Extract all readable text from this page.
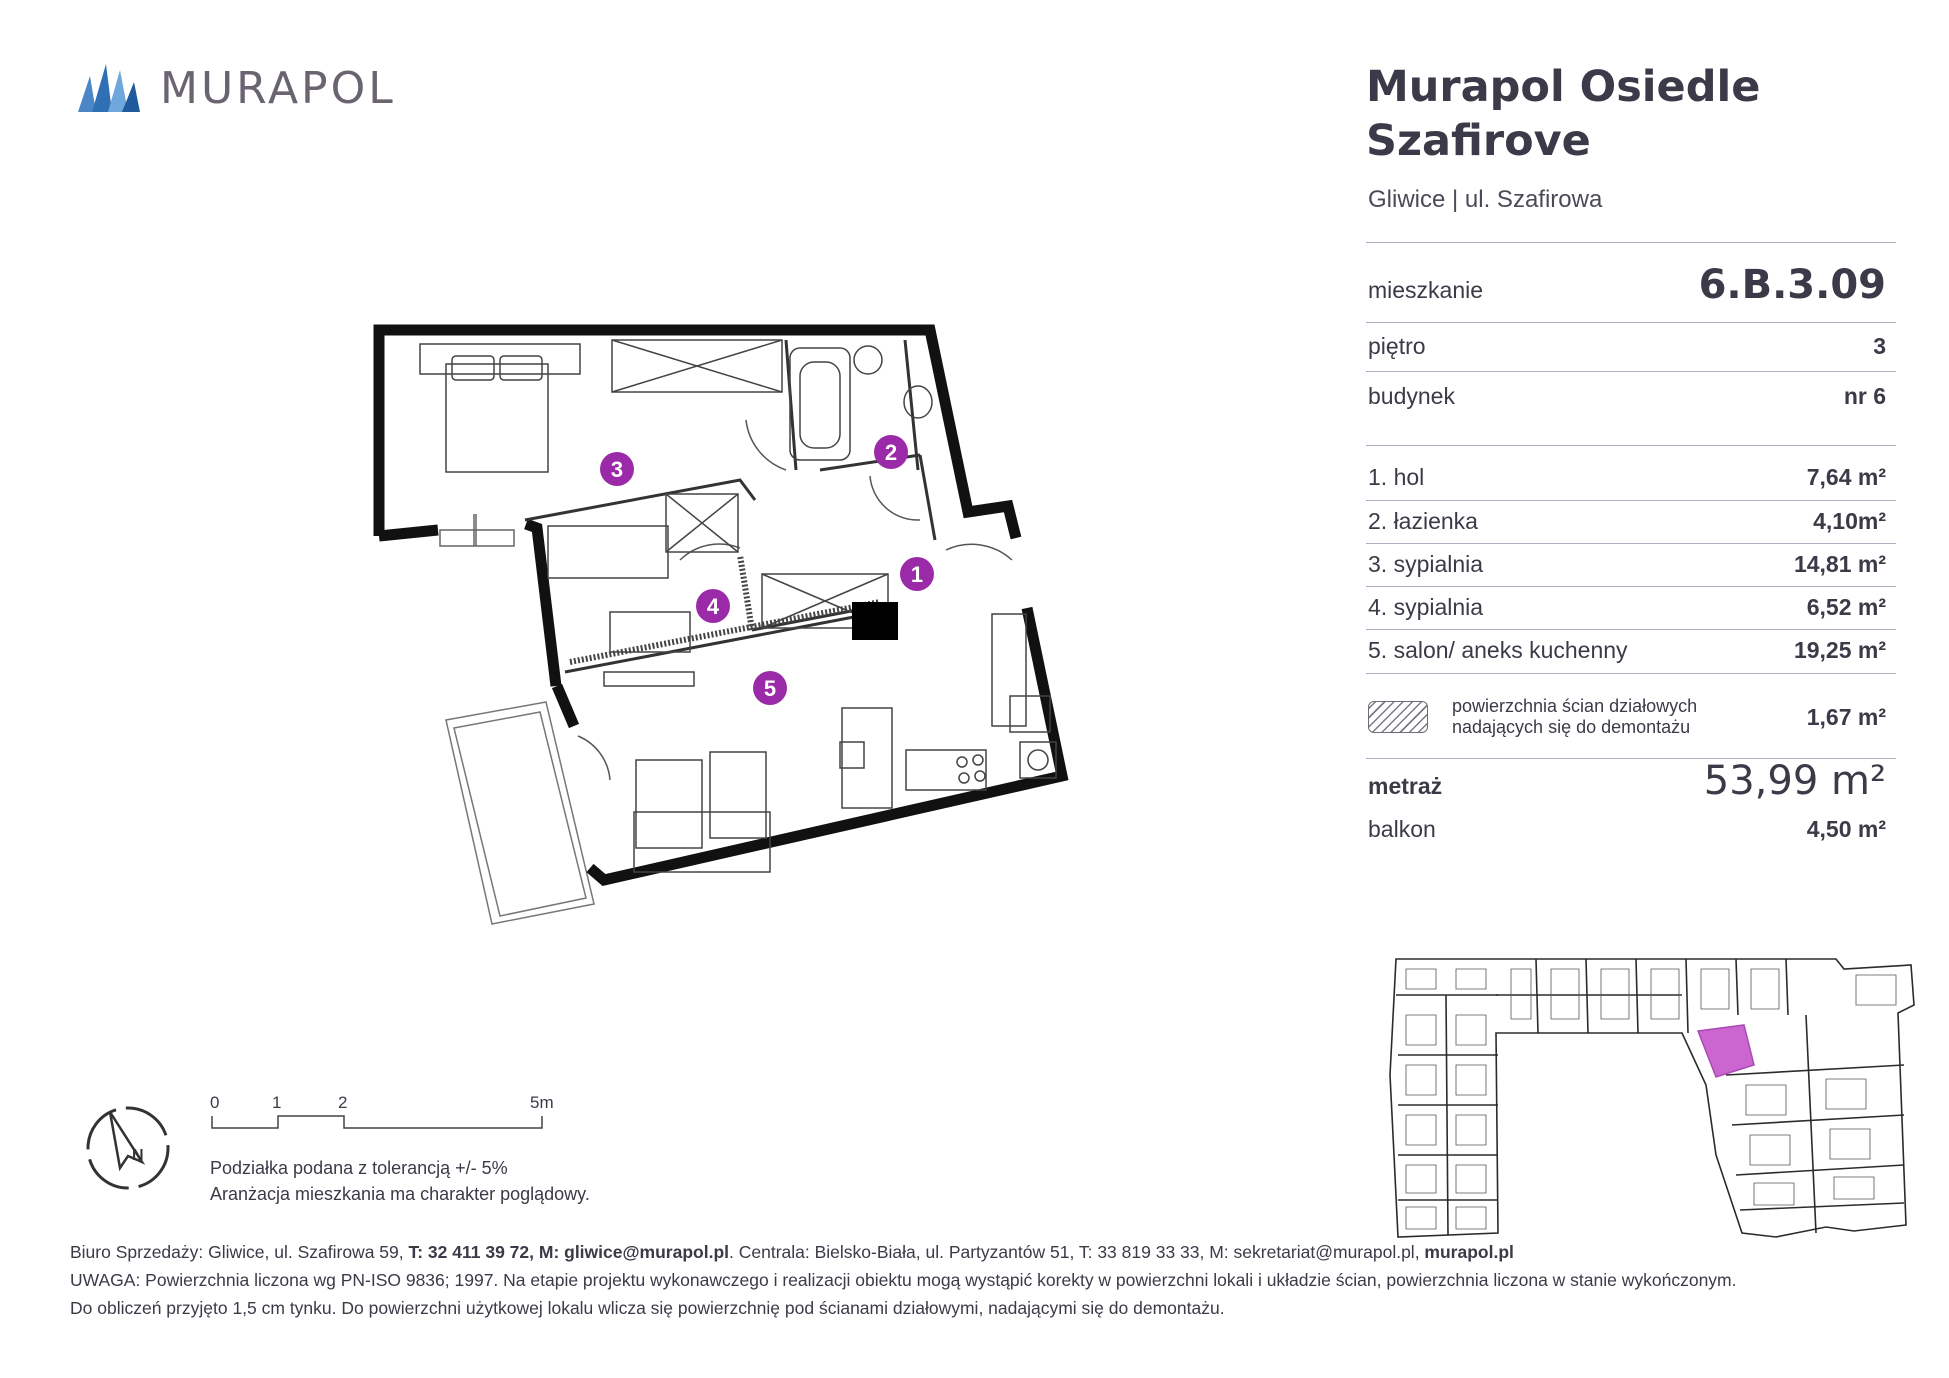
MURAPOL	Murapol Osiedle
Szafirove
Gliwice | ul. Szafirowa
mieszkanie	6.B.3.09
piętro	3
budynek	nr 6
1. hol	7,64 m²
2. łazienka	4,10m²
3. sypialnia	14,81 m²
4. sypialnia	6,52 m²
5. salon/ aneks kuchenny	19,25 m²
powierzchnia ścian działowych
nadających się do demontażu	1,67 m²
metraż	53,99 m²
balkon	4,50 m²
1
2
3
4
5
N
0	1	2	5m
Podziałka podana z tolerancją +/- 5%
Aranżacja mieszkania ma charakter poglądowy.
Biuro Sprzedaży: Gliwice, ul. Szafirowa 59, T: 32 411 39 72, M: gliwice@murapol.pl. Centrala: Bielsko-Biała, ul. Partyzantów 51, T: 33 819 33 33, M: sekretariat@murapol.pl, murapol.pl
UWAGA: Powierzchnia liczona wg PN-ISO 9836; 1997. Na etapie projektu wykonawczego i realizacji obiektu mogą wystąpić korekty w powierzchni lokali i układzie ścian, powierzchnia liczona w stanie wykończonym.
Do obliczeń przyjęto 1,5 cm tynku. Do powierzchni użytkowej lokalu wlicza się powierzchnię pod ścianami działowymi, nadającymi się do demontażu.
